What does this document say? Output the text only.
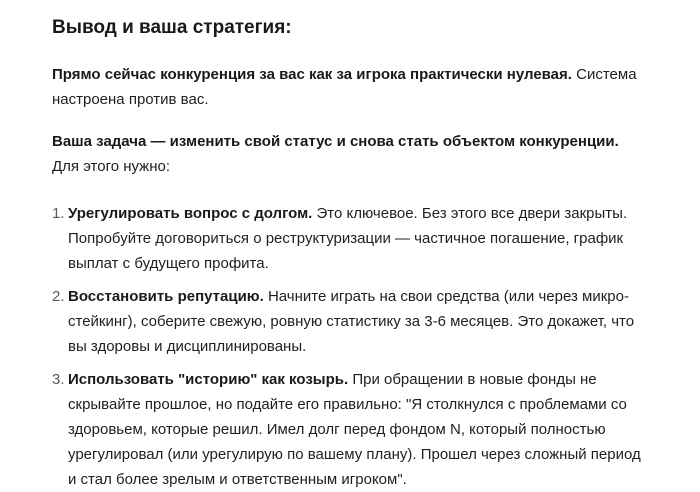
Вывод и ваша стратегия:

Прямо сейчас конкуренция за вас как за игрока практически нулевая. Система настроена против вас.

Ваша задача — изменить свой статус и снова стать объектом конкуренции. Для этого нужно:

1. Урегулировать вопрос с долгом. Это ключевое. Без этого все двери закрыты. Попробуйте договориться о реструктуризации — частичное погашение, график выплат с будущего профита.
2. Восстановить репутацию. Начните играть на свои средства (или через микро-стейкинг), соберите свежую, ровную статистику за 3-6 месяцев. Это докажет, что вы здоровы и дисциплинированы.
3. Использовать "историю" как козырь. При обращении в новые фонды не скрывайте прошлое, но подайте его правильно: "Я столкнулся с проблемами со здоровьем, которые решил. Имел долг перед фондом N, который полностью урегулировал (или урегулирую по вашему плану). Прошел через сложный период и стал более зрелым и ответственным игроком".
